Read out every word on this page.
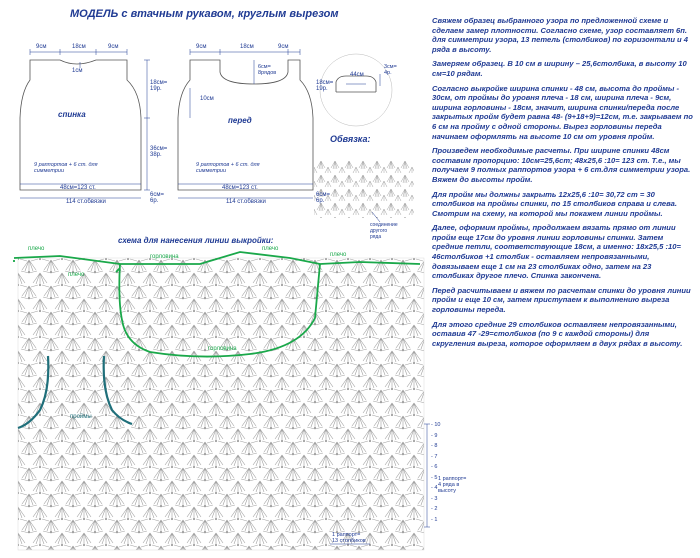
МОДЕЛЬ с втачным рукавом, круглым вырезом
9см	18см	9см
1см
18см=
19р.
36см=
38р.
спинка
9 раппортов + 6 ст. для
симметрии
48см=123 ст.
114 ст.обвязки
6см=
6р.
9см	18см	9см
6см=
8рядов
10см
18см=
19р.
перед
9 раппортов + 6 ст. для
симметрии
48см=123 ст.
114 ст.обвязки
6см=
6р.
44см
3см=
4р.
Обвязка:
соединение
другого
ряда
схема для нанесения линии выкройки:
плечо
плечо
горловина
плечо
плечо
горловина
проймы
1 раппорт=
4 ряда в
высоту
1 раппорт=
13 столбиков
- 10
- 9
- 8
- 7
- 6
- 5
- 4
- 3
- 2
- 1

Свяжем образец выбранного узора по предложенной схеме и сделаем замер плотности. Согласно схеме, узор составляет 6п. для симметрии узора, 13 петель (столбиков) по горизонтали и 4 ряда в высоту.

Замеряем образец. В 10 см в ширину – 25,6столбика, в высоту 10 см=10 рядам.

Согласно выкройке ширина спинки - 48 см, высота до проймы - 30см, от проймы до уровня плеча - 18 см, ширина плеча - 9см, ширина горловины - 18см, значит, ширина спинки/переда после закрытых пройм будет равна 48- (9+18+9)=12см, т.е. закрываем по 6 см на пройму с одной стороны. Вырез горловины переда начинаем оформлять на высоте 10 см от уровня пройм.

Произведем необходимые расчеты. При ширине спинки 48см составим пропорцию: 10см=25,6ст; 48х25,6 :10= 123 ст. Т.е., мы получаем 9 полных раппортов узора + 6 ст.для симметрии узора. Вяжем до высоты пройм.

Для пройм мы должны закрыть 12х25,6 :10= 30,72 ст = 30 столбиков на проймы спинки, по 15 столбиков справа и слева. Смотрим на схему, на которой мы покажем линии проймы.

Далее, оформим проймы, продолжаем вязать прямо от линии пройм еще 17см до уровня линии горловины спинки. Затем средние петли, соответствующие 18см, а именно: 18х25,5 :10= 46столбиков +1 столбик - оставляем непровязанными, довязываем еще 1 см на 23 столбиках одно, затем на 23 столбиках другое плечо. Спинка закончена.

Перед расчитываем и вяжем по расчетам спинки до уровня линии пройм и еще 10 см, затем приступаем к выполнению выреза горловины переда.

Для этого средние 29 столбиков оставляем непровязанными, оставив 47 -29=столбиков (по 9 с каждой стороны) для скругления выреза, которое оформляем в двух рядах в высоту.
